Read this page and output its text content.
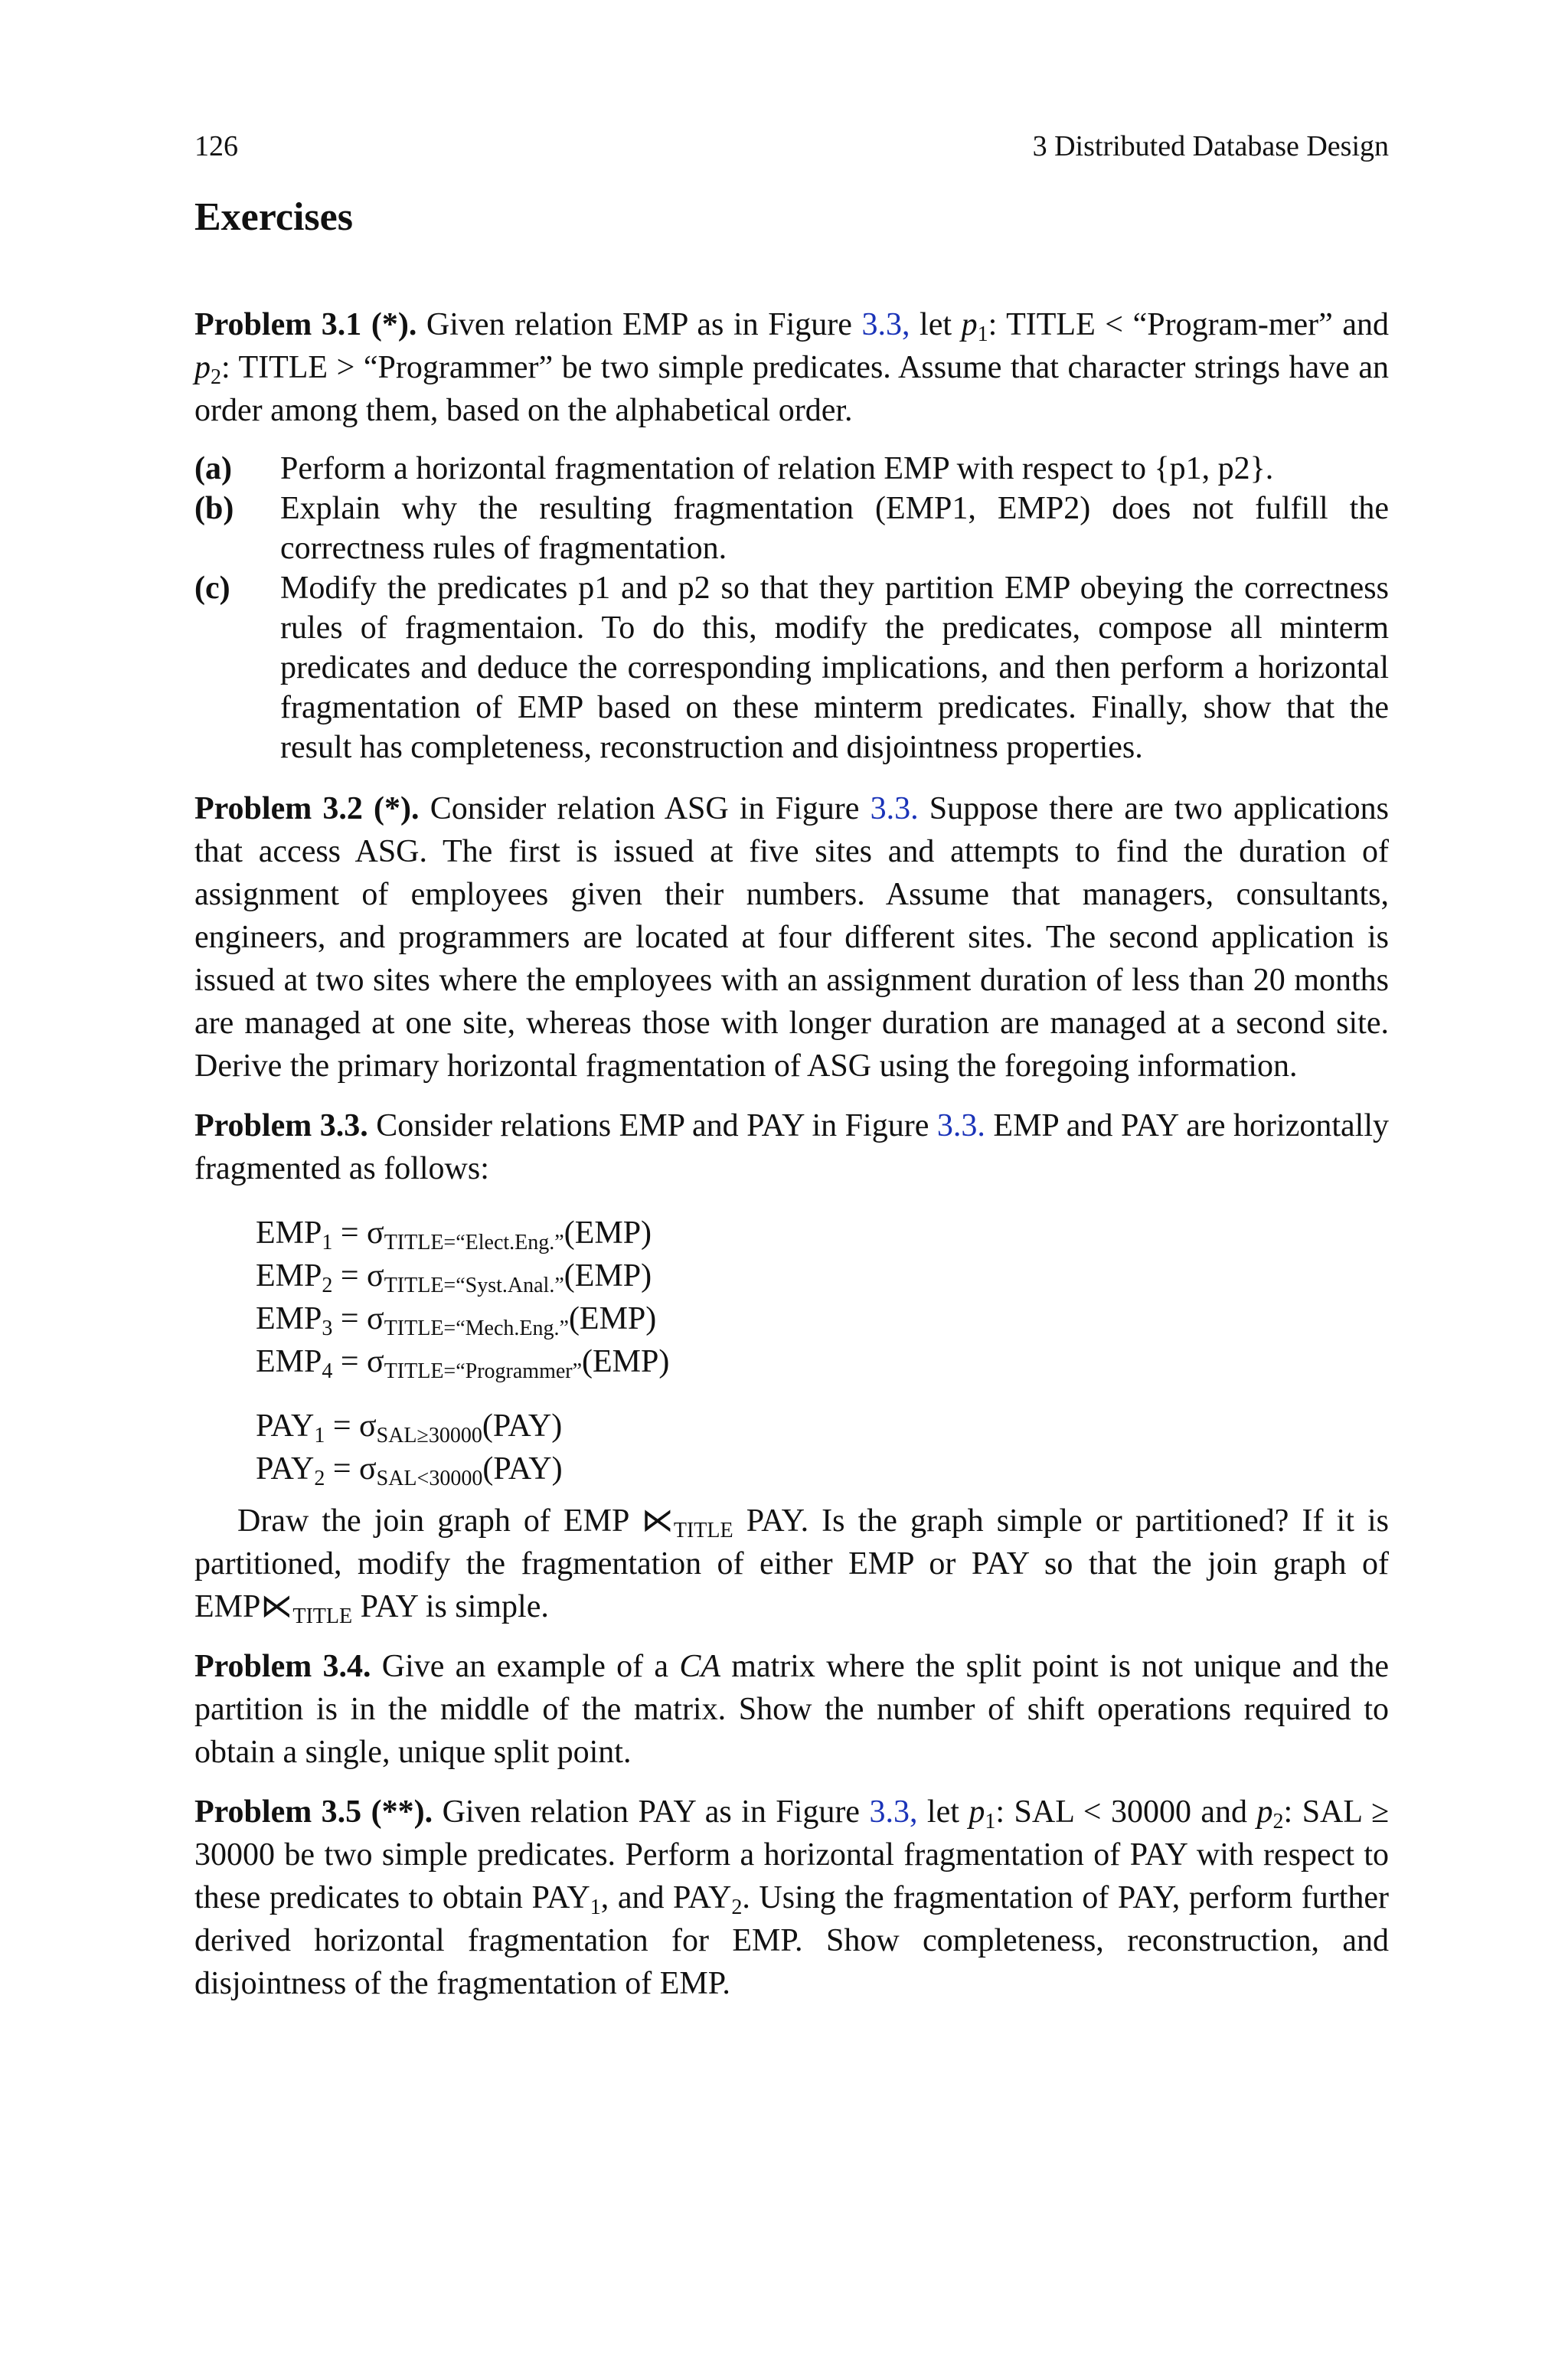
126	3 Distributed Database Design
Exercises

Problem 3.1 (*). Given relation EMP as in Figure 3.3, let $p_1$: TITLE < “Program-mer” and $p_2$: TITLE > “Programmer” be two simple predicates. Assume that character strings have an order among them, based on the alphabetical order.

(a)	Perform a horizontal fragmentation of relation EMP with respect to {p1, p2}.
(b)	Explain why the resulting fragmentation (EMP1, EMP2) does not fulfill the correctness rules of fragmentation.
(c)	Modify the predicates p1 and p2 so that they partition EMP obeying the correctness rules of fragmentaion. To do this, modify the predicates, compose all minterm predicates and deduce the corresponding implications, and then perform a horizontal fragmentation of EMP based on these minterm predicates. Finally, show that the result has completeness, reconstruction and disjointness properties.

Problem 3.2 (*). Consider relation ASG in Figure 3.3. Suppose there are two applications that access ASG. The first is issued at five sites and attempts to find the duration of assignment of employees given their numbers. Assume that managers, consultants, engineers, and programmers are located at four different sites. The second application is issued at two sites where the employees with an assignment duration of less than 20 months are managed at one site, whereas those with longer duration are managed at a second site. Derive the primary horizontal fragmentation of ASG using the foregoing information.

Problem 3.3. Consider relations EMP and PAY in Figure 3.3. EMP and PAY are horizontally fragmented as follows:

$EMP_1$ = σTITLE=“Elect.Eng.”(EMP)
$EMP_2$ = σTITLE=“Syst.Anal.”(EMP)
$EMP_3$ = σTITLE=“Mech.Eng.”(EMP)
$EMP_4$ = σTITLE=“Programmer”(EMP)
$PAY_1 = \sigma SAL\ge 30000(PAY)$
$PAY_2 = \sigma SAL<30000(PAY)$

Draw the join graph of EMP $⋉_{TITLE}$ PAY. Is the graph simple or partitioned? If it is partitioned, modify the fragmentation of either EMP or PAY so that the join graph of $EMP⋉_{TITLE}$ PAY is simple.

Problem 3.4. Give an example of a CA matrix where the split point is not unique and the partition is in the middle of the matrix. Show the number of shift operations required to obtain a single, unique split point.

Problem 3.5 (**). Given relation PAY as in Figure 3.3, let $p_1$: SAL < 30000 and $p_2$: SAL ≥ 30000 be two simple predicates. Perform a horizontal fragmentation of PAY with respect to these predicates to obtain $PAY_1$, and $PAY_2$. Using the fragmentation of PAY, perform further derived horizontal fragmentation for EMP. Show completeness, reconstruction, and disjointness of the fragmentation of EMP.
